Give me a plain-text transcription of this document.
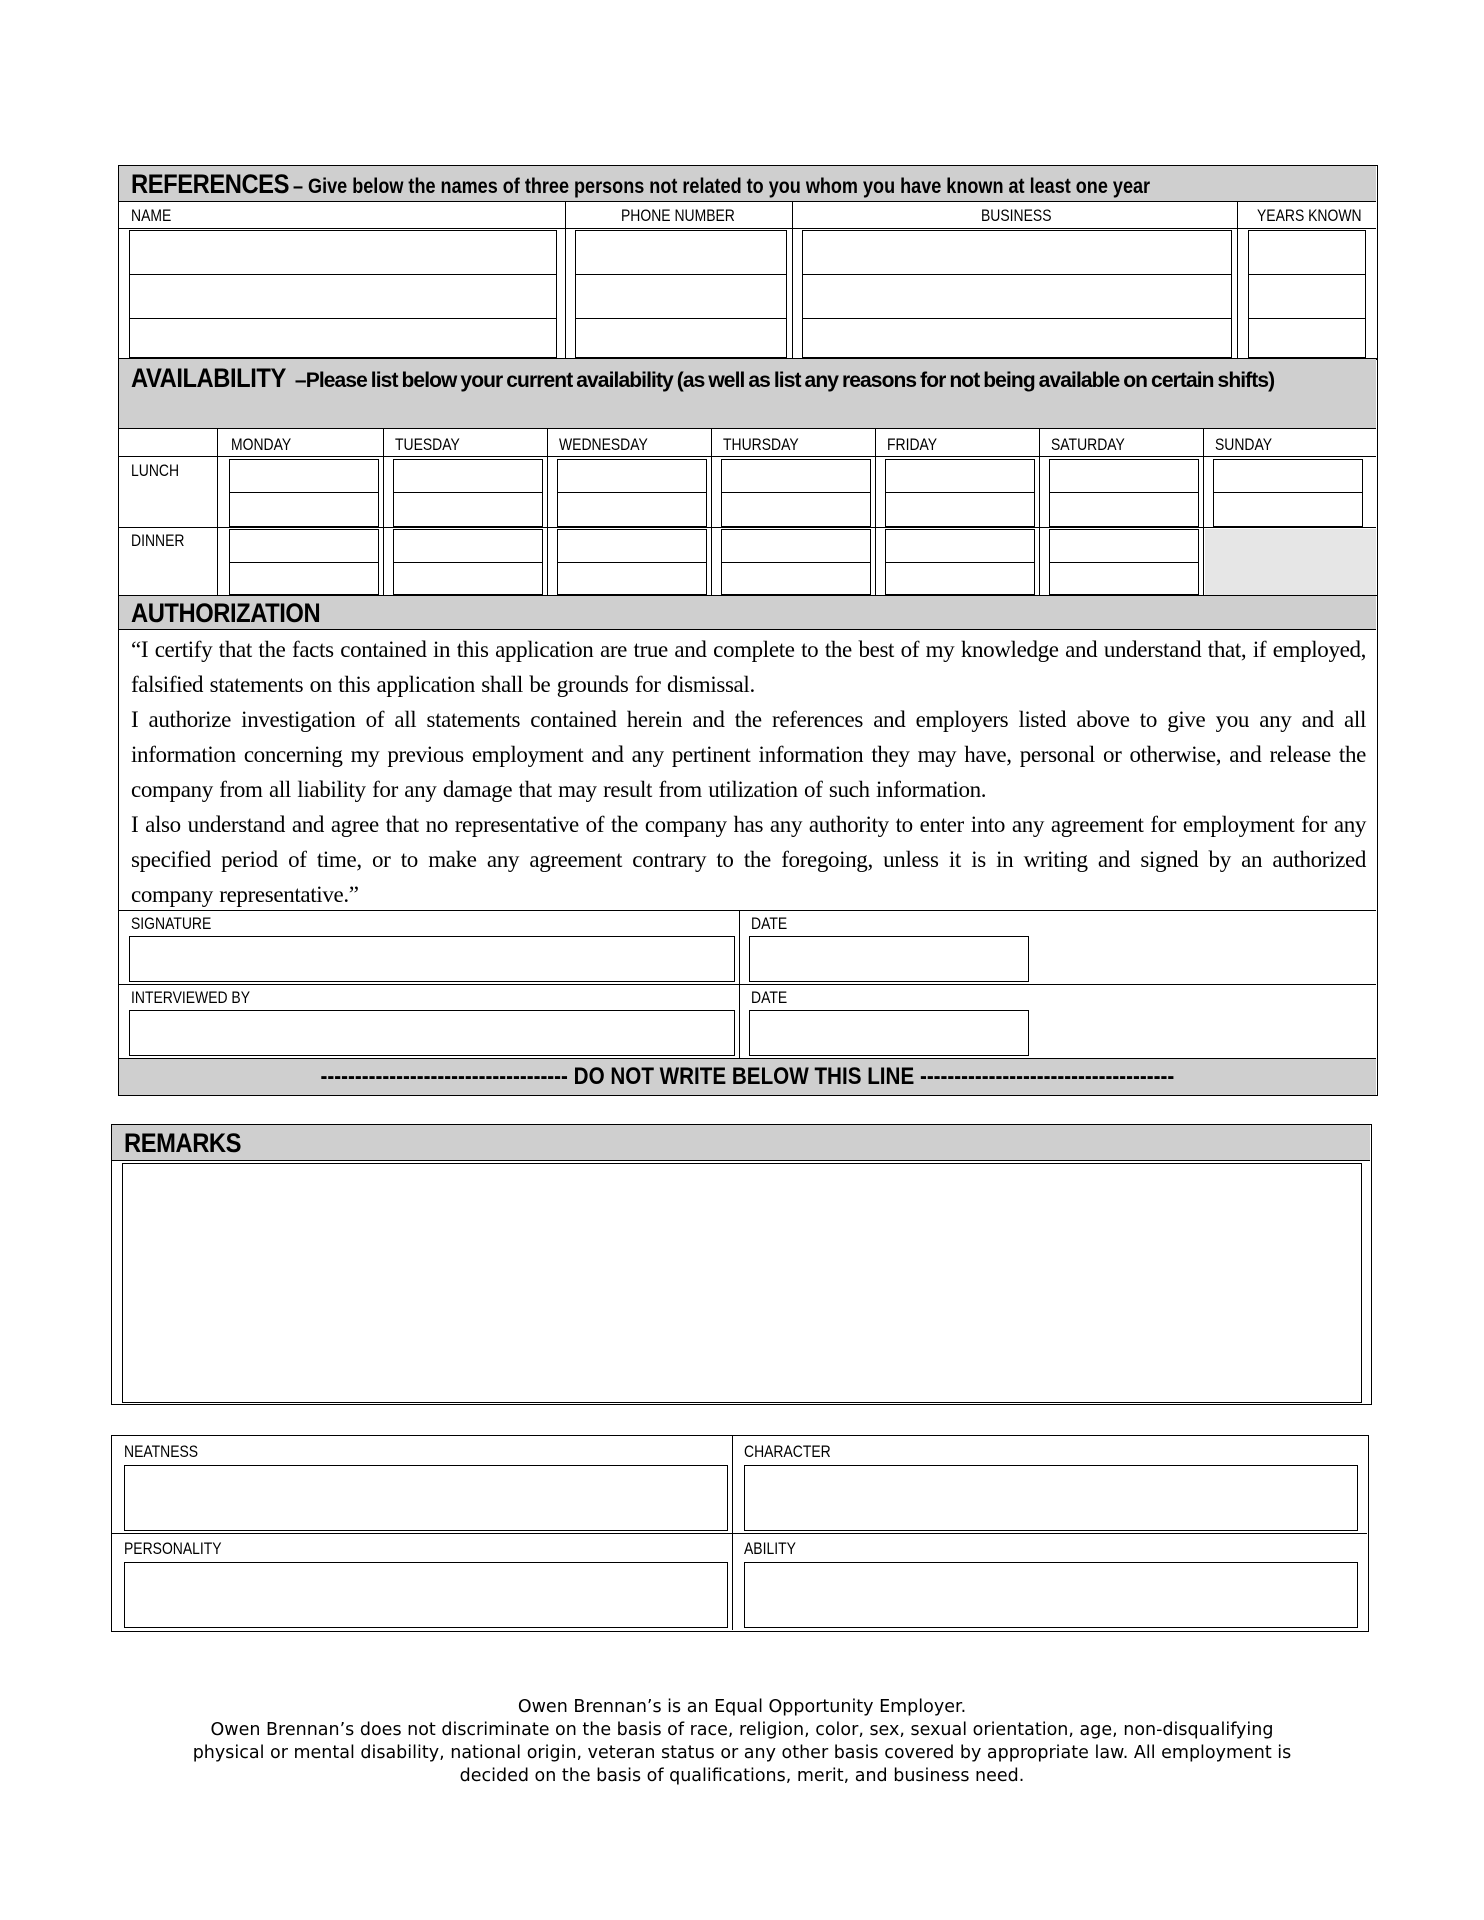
REFERENCES– Give below the names of three persons not related to you whom you have known at least one year
NAME	PHONE NUMBER	BUSINESS	YEARS KNOWN
AVAILABILITY –Please list below your current availability (as well as list any reasons for not being available on certain shifts)
MONDAY	TUESDAY	WEDNESDAY	THURSDAY	FRIDAY	SATURDAY	SUNDAY
LUNCH
DINNER
AUTHORIZATION

“I certify that the facts contained in this application are true and complete to the best of my knowledge and understand that, if employed, falsified statements on this application shall be grounds for dismissal.

I authorize investigation of all statements contained herein and the references and employers listed above to give you any and all information concerning my previous employment and any pertinent information they may have, personal or otherwise, and release the company from all liability for any damage that may result from utilization of such information.

I also understand and agree that no representative of the company has any authority to enter into any agreement for employment for any specified period of time, or to make any agreement contrary to the foregoing, unless it is in writing and signed by an authorized company representative.”

SIGNATURE	DATE
INTERVIEWED BY	DATE
------------------------------------ DO NOT WRITE BELOW THIS LINE -------------------------------------
REMARKS
NEATNESS	CHARACTER
PERSONALITY	ABILITY
Owen Brennan’s is an Equal Opportunity Employer.
Owen Brennan’s does not discriminate on the basis of race, religion, color, sex, sexual orientation, age, non-disqualifying
physical or mental disability, national origin, veteran status or any other basis covered by appropriate law. All employment is
decided on the basis of qualifications, merit, and business need.
